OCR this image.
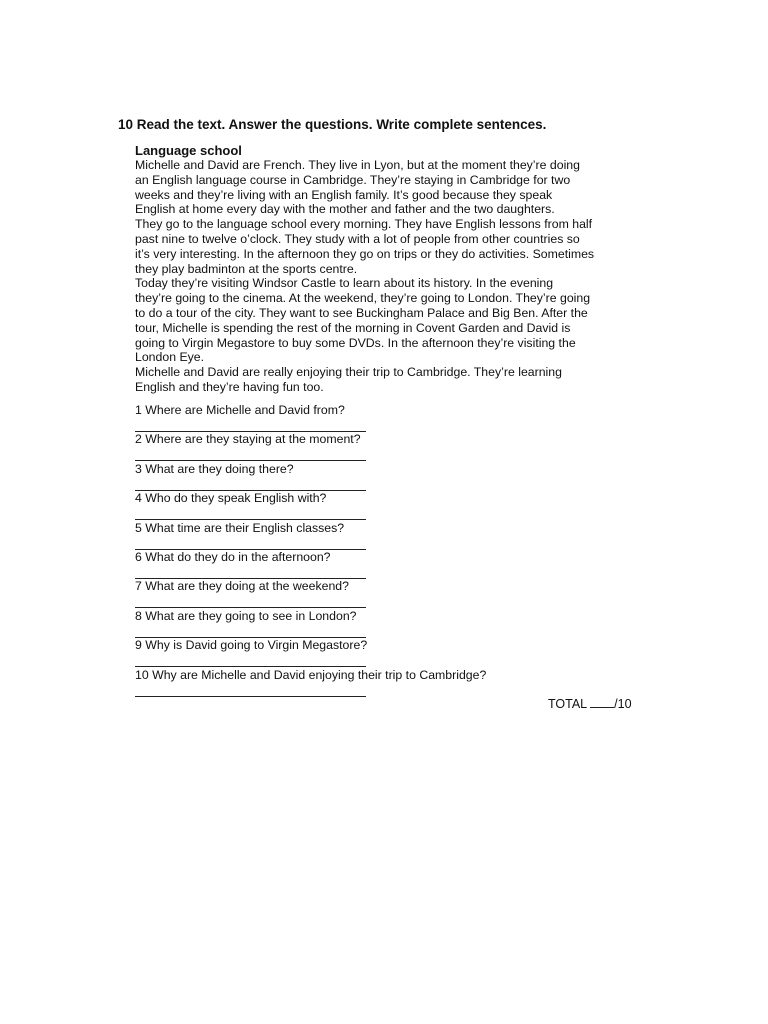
10 Read the text. Answer the questions. Write complete sentences.
Language school
Michelle and David are French. They live in Lyon, but at the moment they’re doing
an English language course in Cambridge. They’re staying in Cambridge for two
weeks and they’re living with an English family. It’s good because they speak
English at home every day with the mother and father and the two daughters.
They go to the language school every morning. They have English lessons from half
past nine to twelve o’clock. They study with a lot of people from other countries so
it’s very interesting. In the afternoon they go on trips or they do activities. Sometimes
they play badminton at the sports centre.
Today they’re visiting Windsor Castle to learn about its history. In the evening
they’re going to the cinema. At the weekend, they’re going to London. They’re going
to do a tour of the city. They want to see Buckingham Palace and Big Ben. After the
tour, Michelle is spending the rest of the morning in Covent Garden and David is
going to Virgin Megastore to buy some DVDs. In the afternoon they’re visiting the
London Eye.
Michelle and David are really enjoying their trip to Cambridge. They’re learning
English and they’re having fun too.
1 Where are Michelle and David from?
2 Where are they staying at the moment?
3 What are they doing there?
4 Who do they speak English with?
5 What time are their English classes?
6 What do they do in the afternoon?
7 What are they doing at the weekend?
8 What are they going to see in London?
9 Why is David going to Virgin Megastore?
10 Why are Michelle and David enjoying their trip to Cambridge?
TOTAL /10
